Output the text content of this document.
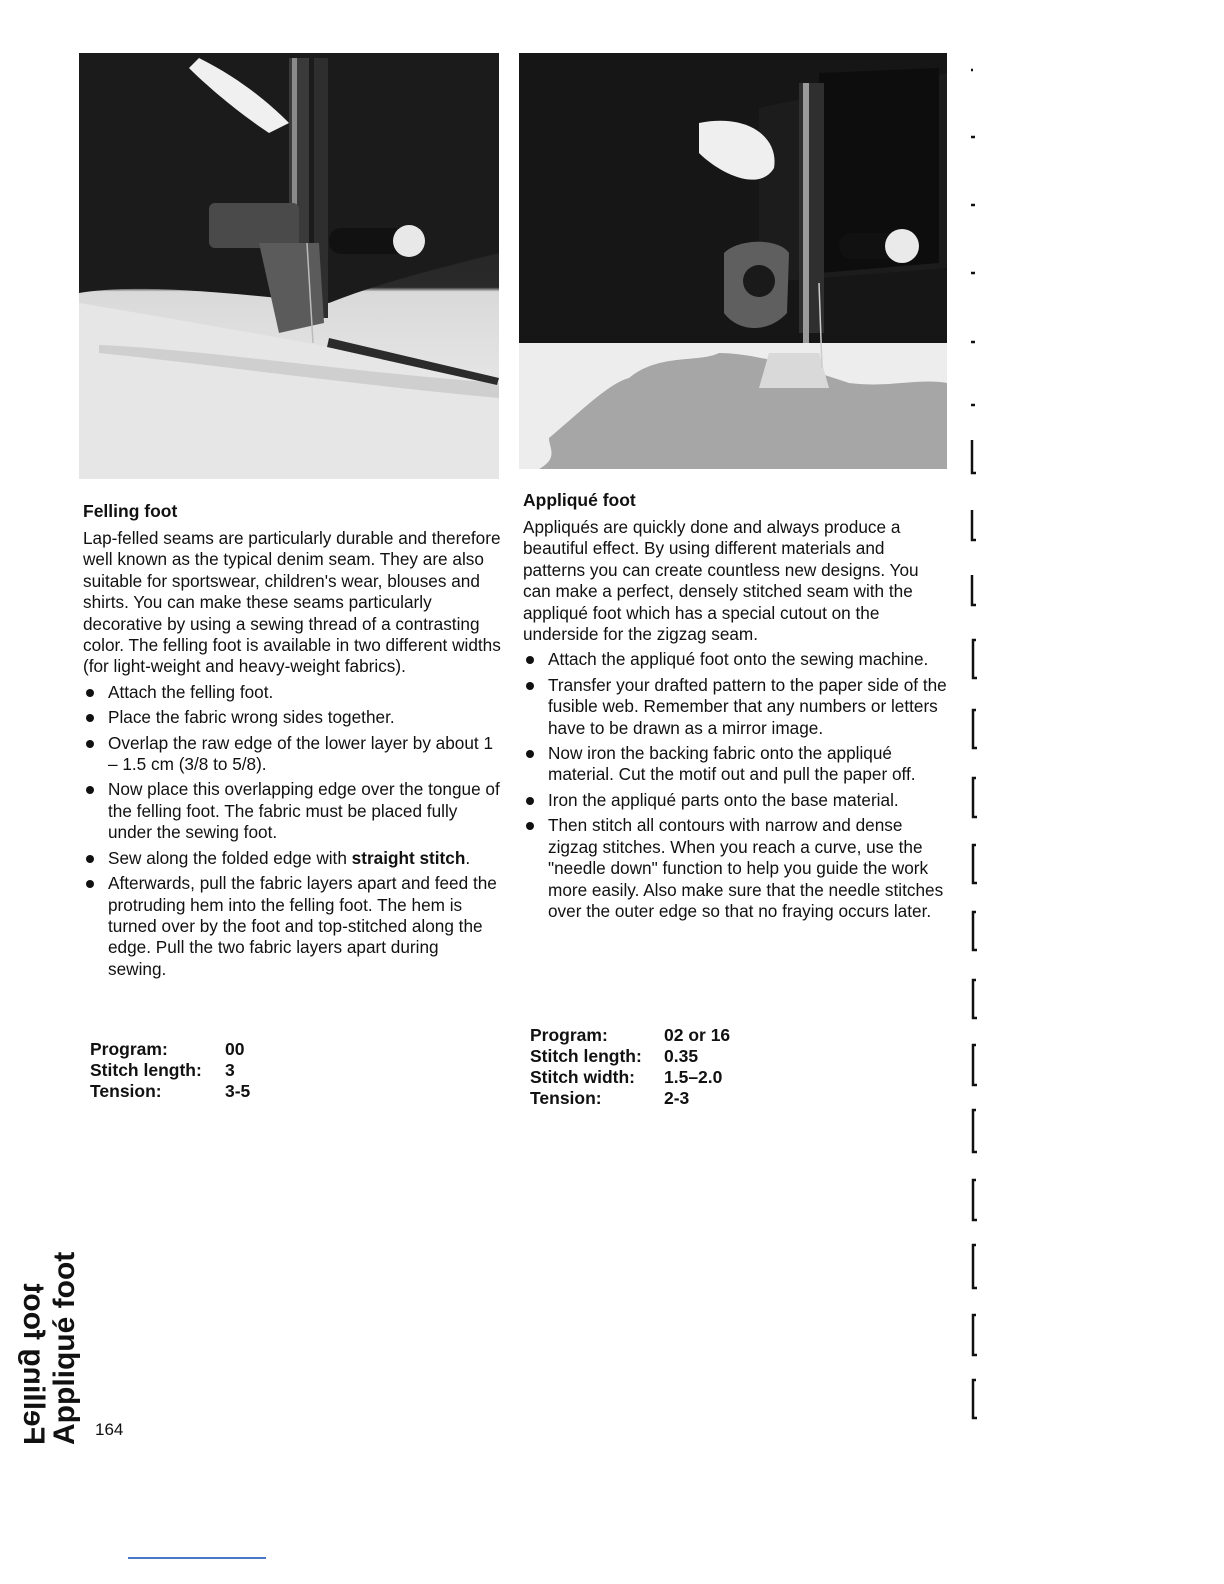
Felling foot

Lap-felled seams are particularly durable and therefore well known as the typical denim seam. They are also suitable for sportswear, children's wear, blouses and shirts. You can make these seams particularly decorative by using a sewing thread of a contrasting color. The felling foot is available in two different widths (for light-weight and heavy-weight fabrics).

Attach the felling foot.
Place the fabric wrong sides together.
Overlap the raw edge of the lower layer by about 1 – 1.5 cm (3/8 to 5/8).
Now place this overlapping edge over the tongue of the felling foot. The fabric must be placed fully under the sewing foot.
Sew along the folded edge with straight stitch.
Afterwards, pull the fabric layers apart and feed the protruding hem into the felling foot. The hem is turned over by the foot and top-stitched along the edge. Pull the two fabric layers apart during sewing.
Program:	00
Stitch length:	3
Tension:	3-5
Appliqué foot

Appliqués are quickly done and always produce a beautiful effect. By using different materials and patterns you can create countless new designs. You can make a perfect, densely stitched seam with the appliqué foot which has a special cutout on the underside for the zigzag seam.

Attach the appliqué foot onto the sewing machine.
Transfer your drafted pattern to the paper side of the fusible web. Remember that any numbers or letters have to be drawn as a mirror image.
Now iron the backing fabric onto the appliqué material. Cut the motif out and pull the paper off.
Iron the appliqué parts onto the base material.
Then stitch all contours with narrow and dense zigzag stitches. When you reach a curve, use the "needle down" function to help you guide the work more easily. Also make sure that the needle stitches over the outer edge so that no fraying occurs later.
Program:	02 or 16
Stitch length:	0.35
Stitch width:	1.5–2.0
Tension:	2-3
Felling foot
Appliqué foot 164
